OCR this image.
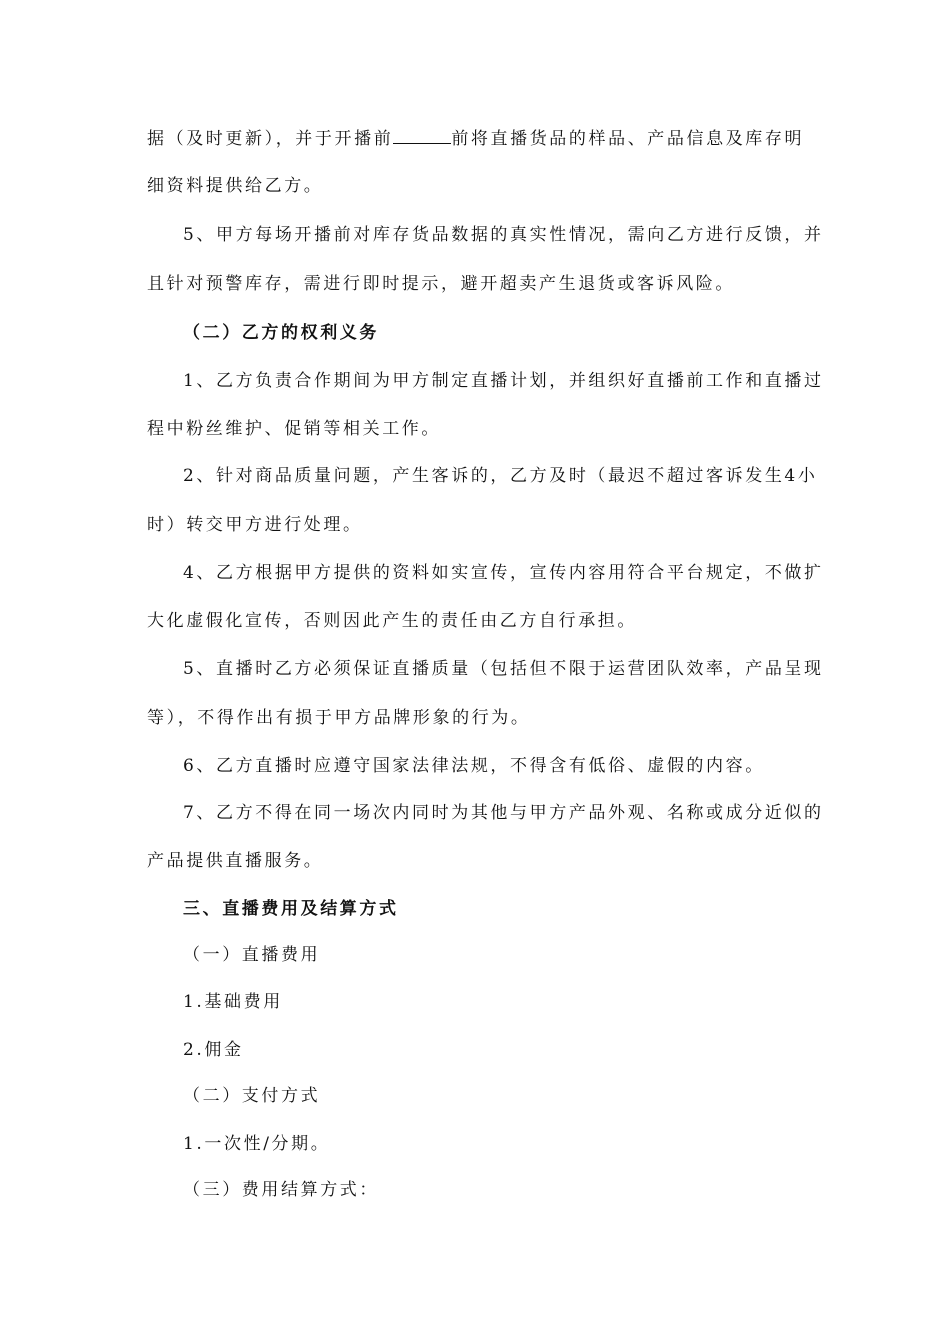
据（及时更新），并于开播前	前将直播货品的样品、产品信息及库存明
细资料提供给乙方。
5、甲方每场开播前对库存货品数据的真实性情况，需向乙方进行反馈，并
且针对预警库存，需进行即时提示，避开超卖产生退货或客诉风险。
（二）乙方的权利义务
1、乙方负责合作期间为甲方制定直播计划，并组织好直播前工作和直播过
程中粉丝维护、促销等相关工作。
2、针对商品质量问题，产生客诉的，乙方及时（最迟不超过客诉发生4小
时）转交甲方进行处理。
4、乙方根据甲方提供的资料如实宣传，宣传内容用符合平台规定，不做扩
大化虚假化宣传，否则因此产生的责任由乙方自行承担。
5、直播时乙方必须保证直播质量（包括但不限于运营团队效率，产品呈现
等），不得作出有损于甲方品牌形象的行为。
6、乙方直播时应遵守国家法律法规，不得含有低俗、虚假的内容。
7、乙方不得在同一场次内同时为其他与甲方产品外观、名称或成分近似的
产品提供直播服务。
三、直播费用及结算方式
（一）直播费用
1.基础费用
2.佣金
（二）支付方式
1.一次性/分期。
（三）费用结算方式：
